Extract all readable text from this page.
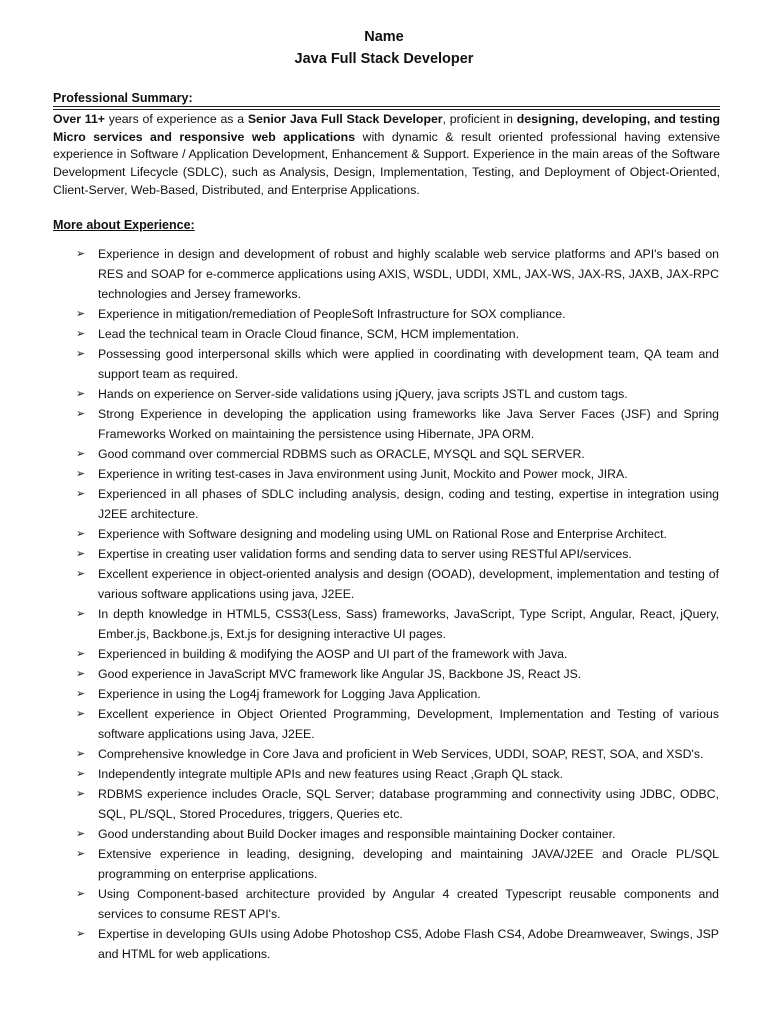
Name
Java Full Stack Developer
Professional Summary:
Over 11+ years of experience as a Senior Java Full Stack Developer, proficient in designing, developing, and testing Micro services and responsive web applications with dynamic & result oriented professional having extensive experience in Software / Application Development, Enhancement & Support. Experience in the main areas of the Software Development Lifecycle (SDLC), such as Analysis, Design, Implementation, Testing, and Deployment of Object-Oriented, Client-Server, Web-Based, Distributed, and Enterprise Applications.
More about Experience:
➢ Experience in design and development of robust and highly scalable web service platforms and API's based on RES and SOAP for e-commerce applications using AXIS, WSDL, UDDI, XML, JAX-WS, JAX-RS, JAXB, JAX-RPC technologies and Jersey frameworks.
➢ Experience in mitigation/remediation of PeopleSoft Infrastructure for SOX compliance.
➢ Lead the technical team in Oracle Cloud finance, SCM, HCM implementation.
➢ Possessing good interpersonal skills which were applied in coordinating with development team, QA team and support team as required.
➢ Hands on experience on Server-side validations using jQuery, java scripts JSTL and custom tags.
➢ Strong Experience in developing the application using frameworks like Java Server Faces (JSF) and Spring Frameworks Worked on maintaining the persistence using Hibernate, JPA ORM.
➢ Good command over commercial RDBMS such as ORACLE, MYSQL and SQL SERVER.
➢ Experience in writing test-cases in Java environment using Junit, Mockito and Power mock, JIRA.
➢ Experienced in all phases of SDLC including analysis, design, coding and testing, expertise in integration using J2EE architecture.
➢ Experience with Software designing and modeling using UML on Rational Rose and Enterprise Architect.
➢ Expertise in creating user validation forms and sending data to server using RESTful API/services.
➢ Excellent experience in object-oriented analysis and design (OOAD), development, implementation and testing of various software applications using java, J2EE.
➢ In depth knowledge in HTML5, CSS3(Less, Sass) frameworks, JavaScript, Type Script, Angular, React, jQuery, Ember.js, Backbone.js, Ext.js for designing interactive UI pages.
➢ Experienced in building & modifying the AOSP and UI part of the framework with Java.
➢ Good experience in JavaScript MVC framework like Angular JS, Backbone JS, React JS.
➢ Experience in using the Log4j framework for Logging Java Application.
➢ Excellent experience in Object Oriented Programming, Development, Implementation and Testing of various software applications using Java, J2EE.
➢ Comprehensive knowledge in Core Java and proficient in Web Services, UDDI, SOAP, REST, SOA, and XSD's.
➢ Independently integrate multiple APIs and new features using React ,Graph QL stack.
➢ RDBMS experience includes Oracle, SQL Server; database programming and connectivity using JDBC, ODBC, SQL, PL/SQL, Stored Procedures, triggers, Queries etc.
➢ Good understanding about Build Docker images and responsible maintaining Docker container.
➢ Extensive experience in leading, designing, developing and maintaining JAVA/J2EE and Oracle PL/SQL programming on enterprise applications.
➢ Using Component-based architecture provided by Angular 4 created Typescript reusable components and services to consume REST API's.
➢ Expertise in developing GUIs using Adobe Photoshop CS5, Adobe Flash CS4, Adobe Dreamweaver, Swings, JSP and HTML for web applications.
